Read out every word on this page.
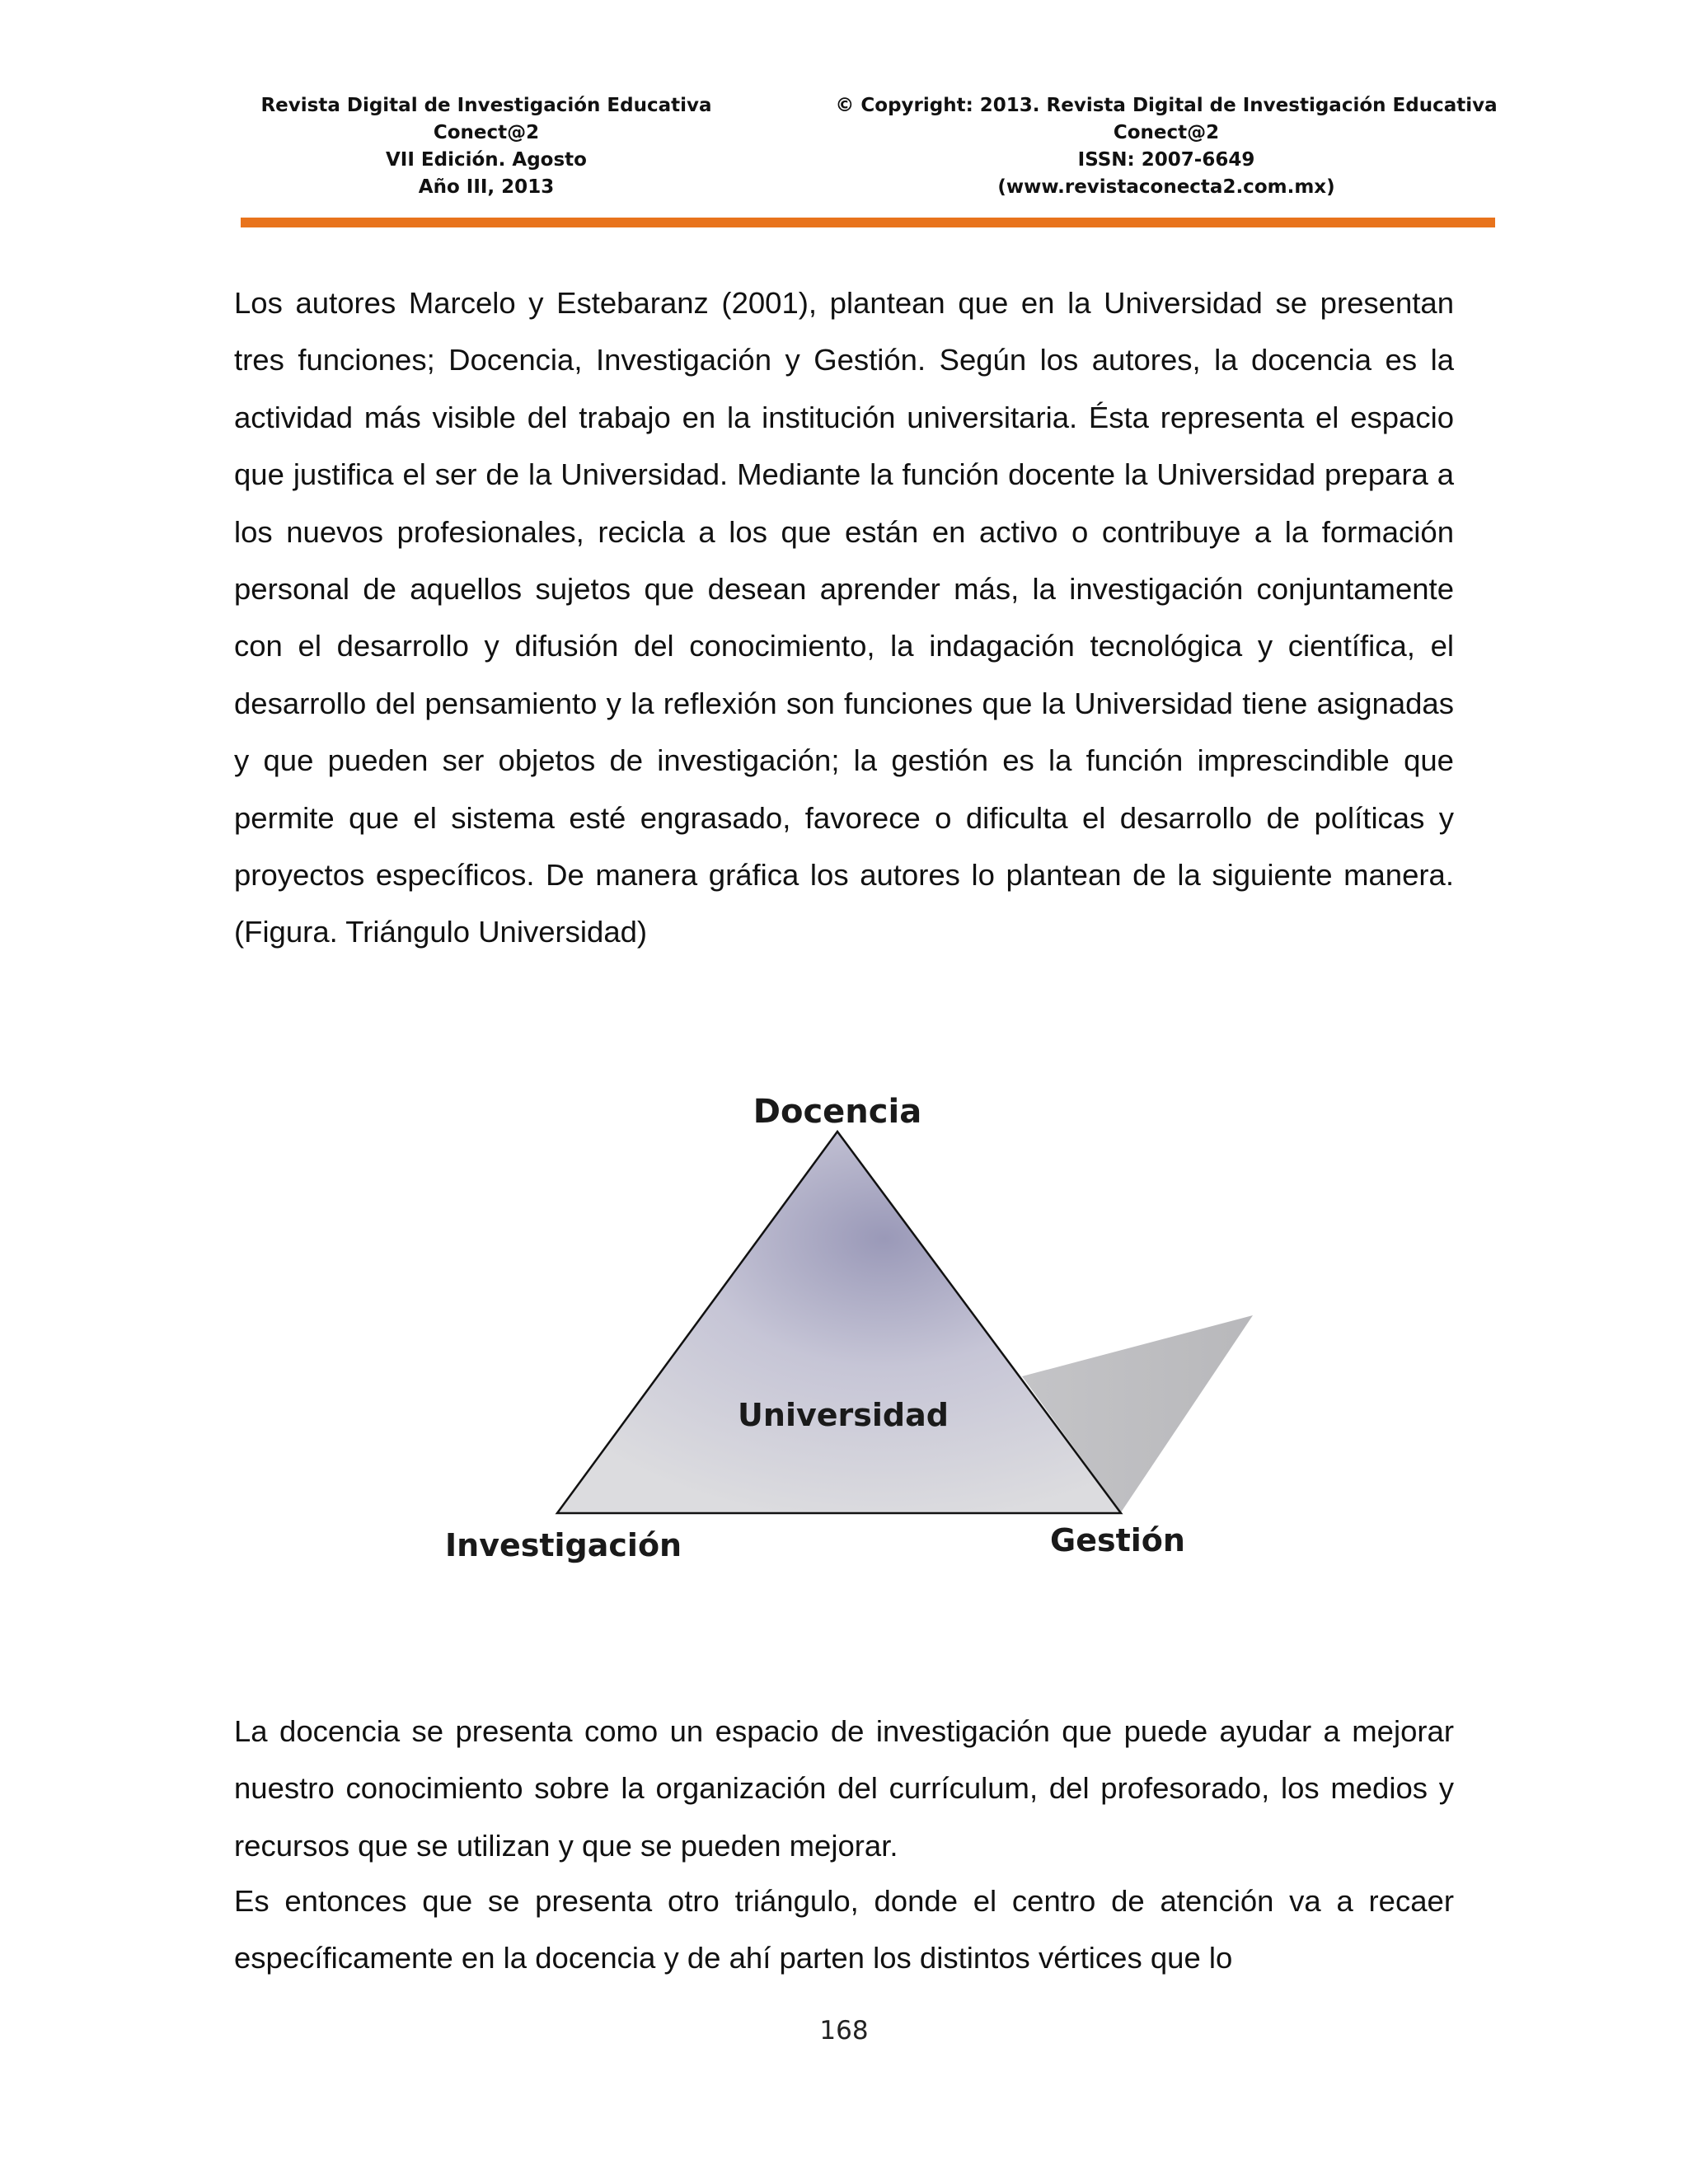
Revista Digital de Investigación Educativa
Conect@2
VII Edición. Agosto
Año III, 2013
© Copyright: 2013. Revista Digital de Investigación Educativa
Conect@2
ISSN: 2007-6649
(www.revistaconecta2.com.mx)

Los autores Marcelo y Estebaranz (2001), plantean que en la Universidad se presentan tres funciones; Docencia, Investigación y Gestión. Según los autores, la docencia es la actividad más visible del trabajo en la institución universitaria. Ésta representa el espacio que justifica el ser de la Universidad. Mediante la función docente la Universidad prepara a los nuevos profesionales, recicla a los que están en activo o contribuye a la formación personal de aquellos sujetos que desean aprender más, la investigación conjuntamente con el desarrollo y difusión del conocimiento, la indagación tecnológica y científica, el desarrollo del pensamiento y la reflexión son funciones que la Universidad tiene asignadas y que pueden ser objetos de investigación; la gestión es la función imprescindible que permite que el sistema esté engrasado, favorece o dificulta el desarrollo de políticas y proyectos específicos. De manera gráfica los autores lo plantean de la siguiente manera. (Figura. Triángulo Universidad)

Docencia
Universidad
Investigación	Gestión

La docencia se presenta como un espacio de investigación que puede ayudar a mejorar nuestro conocimiento sobre la organización del currículum, del profesorado, los medios y recursos que se utilizan y que se pueden mejorar.

Es entonces que se presenta otro triángulo, donde el centro de atención va a recaer específicamente en la docencia y de ahí parten los distintos vértices que lo

168
